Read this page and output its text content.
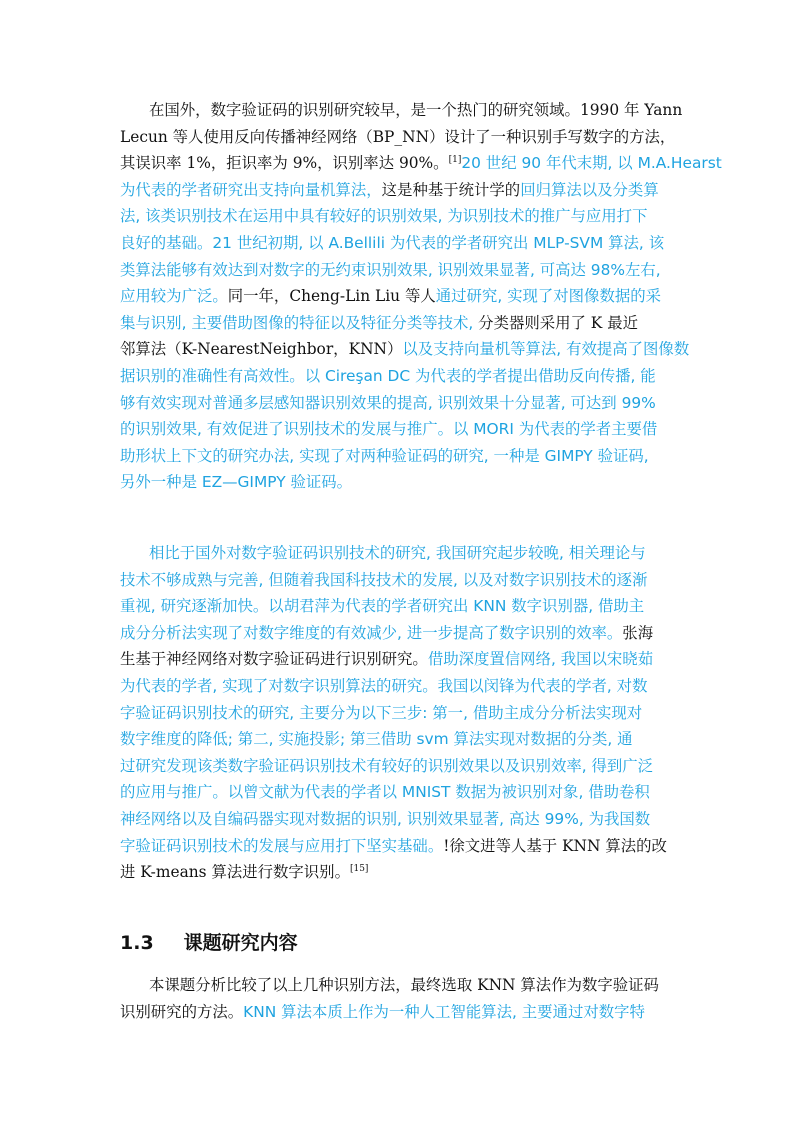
在国外，数字验证码的识别研究较早，是一个热门的研究领域。1990 年 Yann
Lecun 等人使用反向传播神经网络（BP_NN）设计了一种识别手写数字的方法，
其误识率 1%，拒识率为 9%，识别率达 90%。[1]20 世纪 90 年代末期, 以 M.A.Hearst
为代表的学者研究出支持向量机算法，这是种基于统计学的回归算法以及分类算
法, 该类识别技术在运用中具有较好的识别效果, 为识别技术的推广与应用打下
良好的基础。21 世纪初期, 以 A.Bellili 为代表的学者研究出 MLP-SVM 算法, 该
类算法能够有效达到对数字的无约束识别效果, 识别效果显著, 可高达 98%左右,
应用较为广泛。同一年，Cheng-Lin Liu 等人通过研究, 实现了对图像数据的采
集与识别, 主要借助图像的特征以及特征分类等技术, 分类器则采用了 K 最近
邻算法（K-NearestNeighbor，KNN）以及支持向量机等算法, 有效提高了图像数
据识别的准确性有高效性。以 Cireşan DC 为代表的学者提出借助反向传播, 能
够有效实现对普通多层感知器识别效果的提高, 识别效果十分显著, 可达到 99%
的识别效果, 有效促进了识别技术的发展与推广。以 MORI 为代表的学者主要借
助形状上下文的研究办法, 实现了对两种验证码的研究, 一种是 GIMPY 验证码,
另外一种是 EZ—GIMPY 验证码。
相比于国外对数字验证码识别技术的研究, 我国研究起步较晚, 相关理论与
技术不够成熟与完善, 但随着我国科技技术的发展, 以及对数字识别技术的逐渐
重视, 研究逐渐加快。以胡君萍为代表的学者研究出 KNN 数字识别器, 借助主
成分分析法实现了对数字维度的有效减少, 进一步提高了数字识别的效率。张海
生基于神经网络对数字验证码进行识别研究。借助深度置信网络, 我国以宋晓茹
为代表的学者, 实现了对数字识别算法的研究。我国以闵锋为代表的学者, 对数
字验证码识别技术的研究, 主要分为以下三步: 第一, 借助主成分分析法实现对
数字维度的降低; 第二, 实施投影; 第三借助 svm 算法实现对数据的分类, 通
过研究发现该类数字验证码识别技术有较好的识别效果以及识别效率, 得到广泛
的应用与推广。以曾文献为代表的学者以 MNIST 数据为被识别对象, 借助卷积
神经网络以及自编码器实现对数据的识别, 识别效果显著, 高达 99%, 为我国数
字验证码识别技术的发展与应用打下坚实基础。!徐文进等人基于 KNN 算法的改
进 K-means 算法进行数字识别。[15]
1.3 课题研究内容
本课题分析比较了以上几种识别方法，最终选取 KNN 算法作为数字验证码
识别研究的方法。KNN 算法本质上作为一种人工智能算法, 主要通过对数字特
